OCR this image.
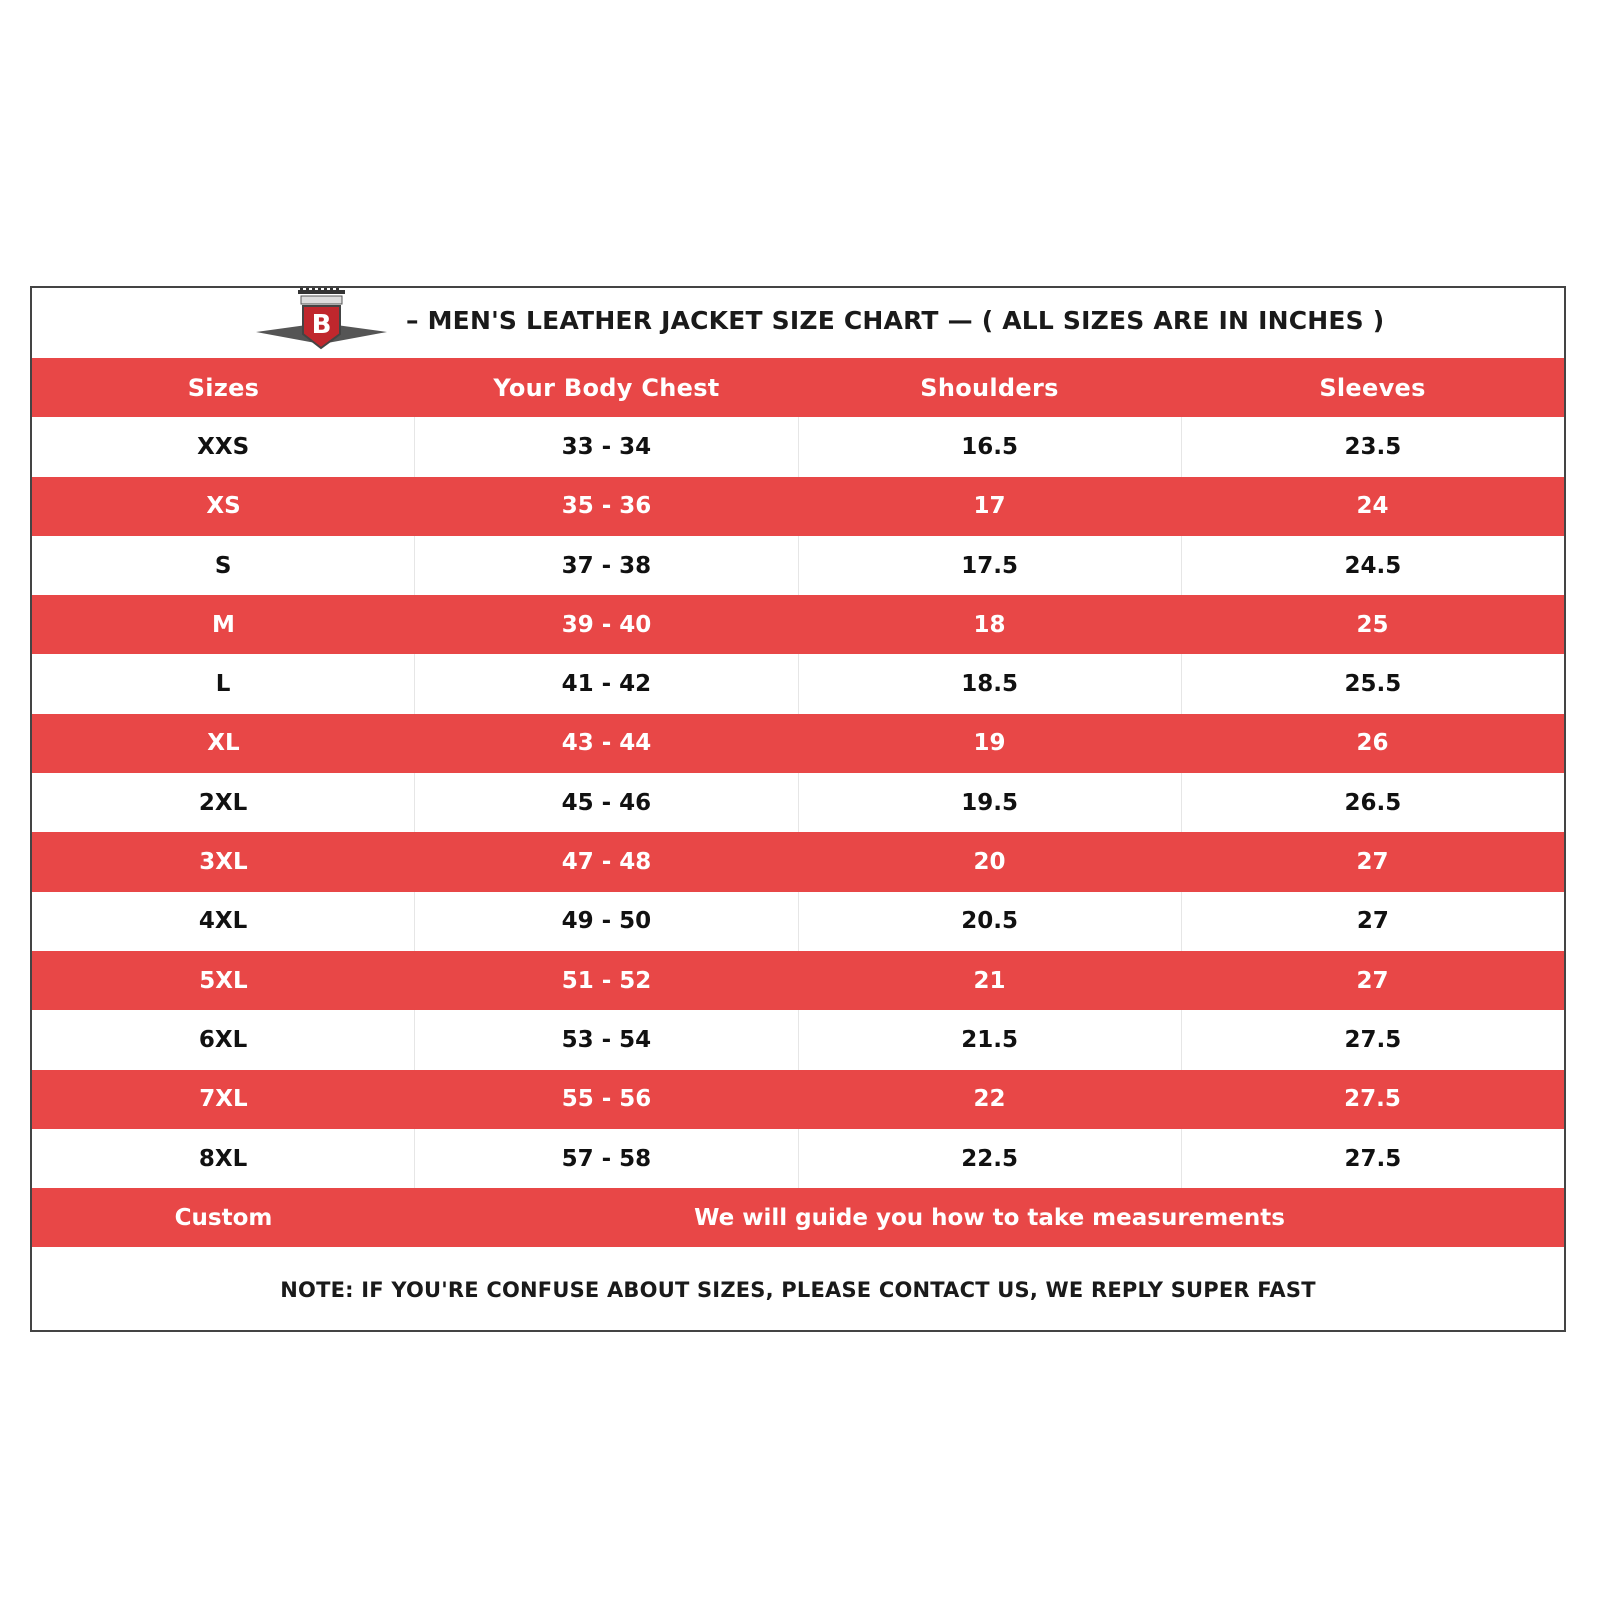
B	– MEN'S LEATHER JACKET SIZE CHART — ( ALL SIZES ARE IN INCHES )
Sizes	Your Body Chest	Shoulders	Sleeves
XXS	33 - 34	16.5	23.5
XS	35 - 36	17	24
S	37 - 38	17.5	24.5
M	39 - 40	18	25
L	41 - 42	18.5	25.5
XL	43 - 44	19	26
2XL	45 - 46	19.5	26.5
3XL	47 - 48	20	27
4XL	49 - 50	20.5	27
5XL	51 - 52	21	27
6XL	53 - 54	21.5	27.5
7XL	55 - 56	22	27.5
8XL	57 - 58	22.5	27.5
Custom	We will guide you how to take measurements
NOTE: IF YOU'RE CONFUSE ABOUT SIZES, PLEASE CONTACT US, WE REPLY SUPER FAST
